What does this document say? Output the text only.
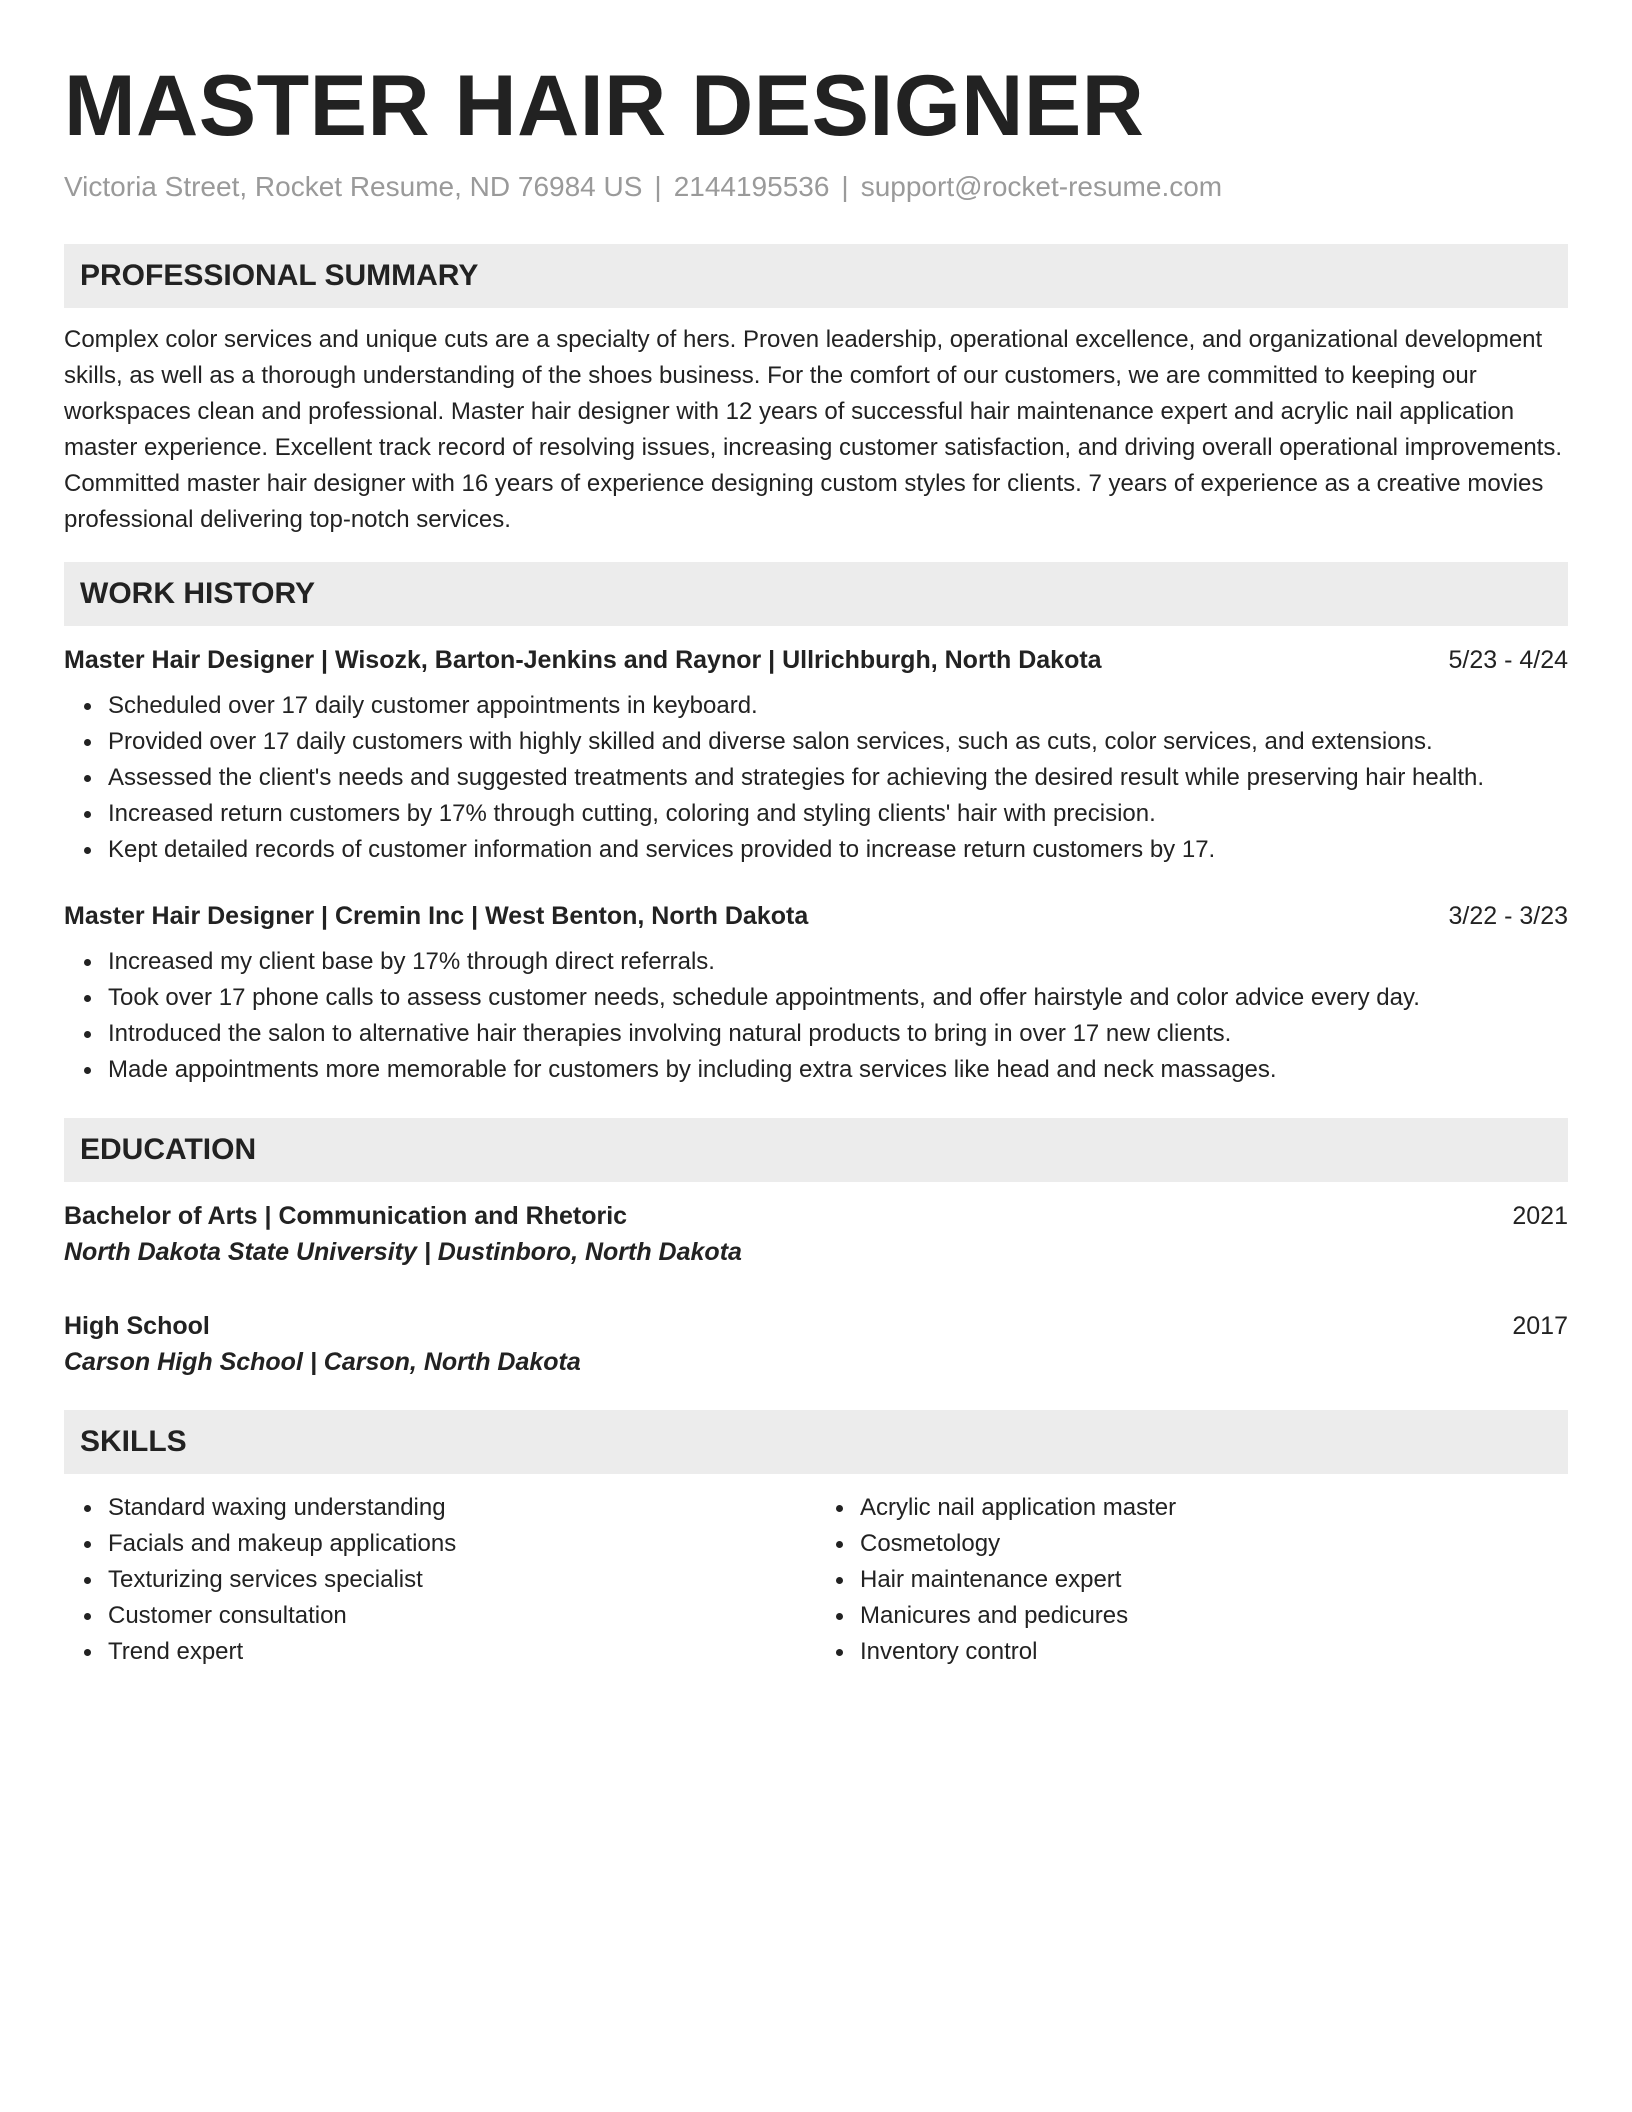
MASTER HAIR DESIGNER
Victoria Street, Rocket Resume, ND 76984 US | 2144195536 | support@rocket-resume.com
PROFESSIONAL SUMMARY

Complex color services and unique cuts are a specialty of hers. Proven leadership, operational excellence, and organizational development skills, as well as a thorough understanding of the shoes business. For the comfort of our customers, we are committed to keeping our workspaces clean and professional. Master hair designer with 12 years of successful hair maintenance expert and acrylic nail application master experience. Excellent track record of resolving issues, increasing customer satisfaction, and driving overall operational improvements. Committed master hair designer with 16 years of experience designing custom styles for clients. 7 years of experience as a creative movies professional delivering top-notch services.

WORK HISTORY
Master Hair Designer | Wisozk, Barton-Jenkins and Raynor | Ullrichburgh, North Dakota	5/23 - 4/24
Scheduled over 17 daily customer appointments in keyboard.
Provided over 17 daily customers with highly skilled and diverse salon services, such as cuts, color services, and extensions.
Assessed the client's needs and suggested treatments and strategies for achieving the desired result while preserving hair health.
Increased return customers by 17% through cutting, coloring and styling clients' hair with precision.
Kept detailed records of customer information and services provided to increase return customers by 17.
Master Hair Designer | Cremin Inc | West Benton, North Dakota	3/22 - 3/23
Increased my client base by 17% through direct referrals.
Took over 17 phone calls to assess customer needs, schedule appointments, and offer hairstyle and color advice every day.
Introduced the salon to alternative hair therapies involving natural products to bring in over 17 new clients.
Made appointments more memorable for customers by including extra services like head and neck massages.
EDUCATION
Bachelor of Arts | Communication and Rhetoric	2021
North Dakota State University | Dustinboro, North Dakota
High School	2017
Carson High School | Carson, North Dakota
SKILLS
Standard waxing understanding
Facials and makeup applications
Texturizing services specialist
Customer consultation
Trend expert
Acrylic nail application master
Cosmetology
Hair maintenance expert
Manicures and pedicures
Inventory control
